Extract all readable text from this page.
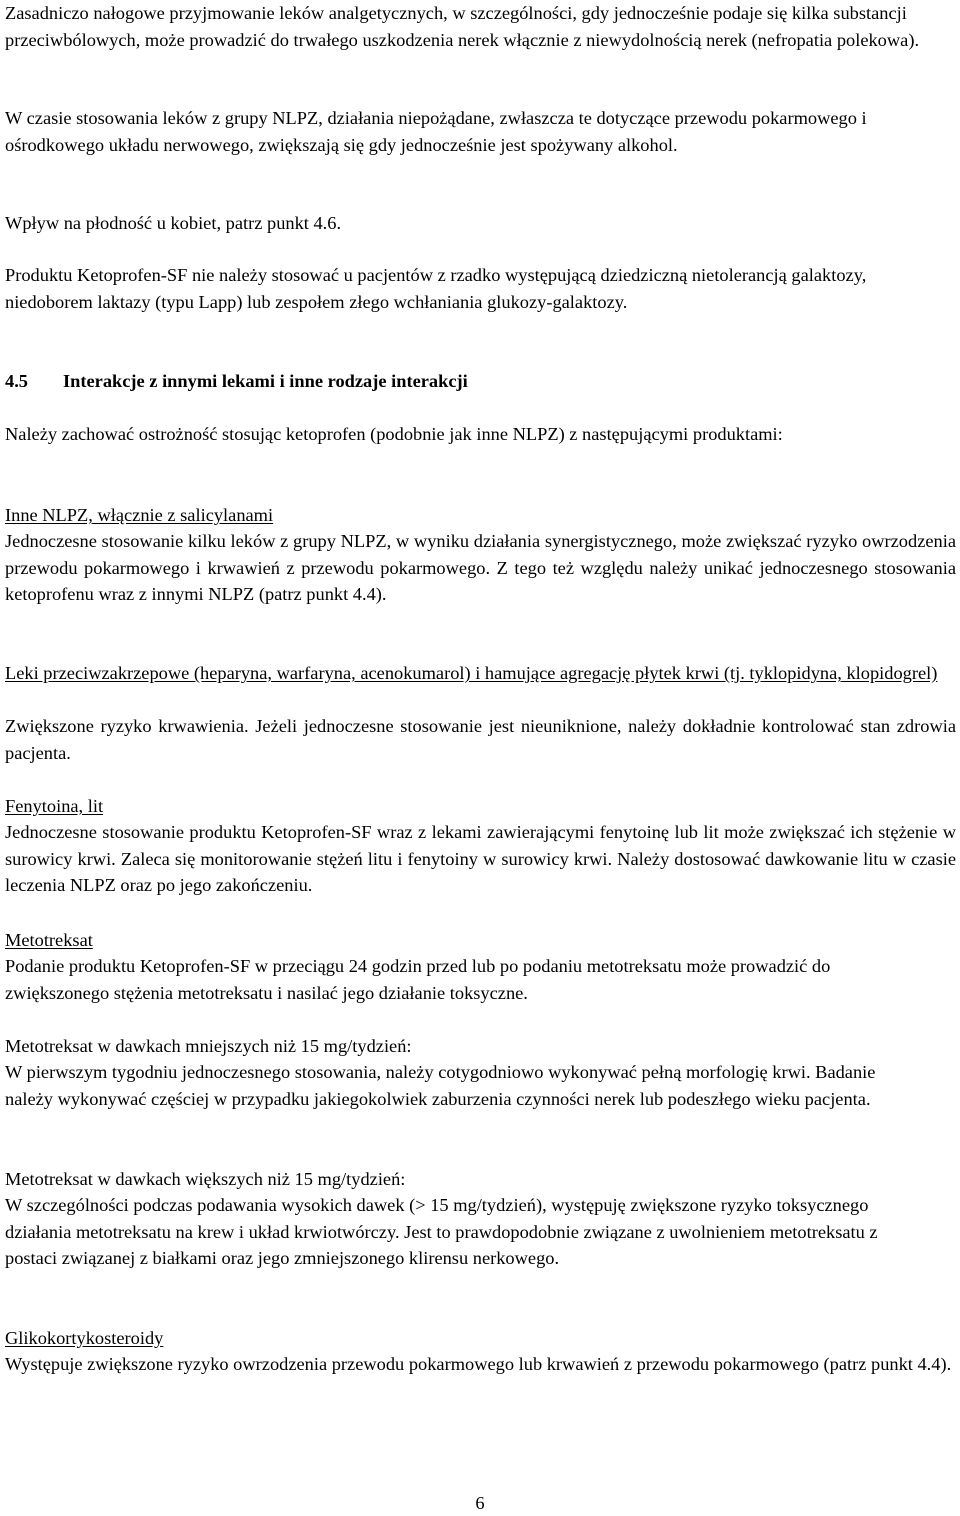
Zasadniczo nałogowe przyjmowanie leków analgetycznych, w szczególności, gdy jednocześnie podaje się kilka substancji przeciwbólowych, może prowadzić do trwałego uszkodzenia nerek włącznie z niewydolnością nerek (nefropatia polekowa).

W czasie stosowania leków z grupy NLPZ, działania niepożądane, zwłaszcza te dotyczące przewodu pokarmowego i ośrodkowego układu nerwowego, zwiększają się gdy jednocześnie jest spożywany alkohol.

Wpływ na płodność u kobiet, patrz punkt 4.6.

Produktu Ketoprofen-SF nie należy stosować u pacjentów z rzadko występującą dziedziczną nietolerancją galaktozy, niedoborem laktazy (typu Lapp) lub zespołem złego wchłaniania glukozy-galaktozy.

4.5	Interakcje z innymi lekami i inne rodzaje interakcji

Należy zachować ostrożność stosując ketoprofen (podobnie jak inne NLPZ) z następującymi produktami:

Inne NLPZ, włącznie z salicylanami

Jednoczesne stosowanie kilku leków z grupy NLPZ, w wyniku działania synergistycznego, może zwiększać ryzyko owrzodzenia przewodu pokarmowego i krwawień z przewodu pokarmowego. Z tego też względu należy unikać jednoczesnego stosowania ketoprofenu wraz z innymi NLPZ (patrz punkt 4.4).

Leki przeciwzakrzepowe (heparyna, warfaryna, acenokumarol) i hamujące agregację płytek krwi (tj. tyklopidyna, klopidogrel)

Zwiększone ryzyko krwawienia. Jeżeli jednoczesne stosowanie jest nieuniknione, należy dokładnie kontrolować stan zdrowia pacjenta.

Fenytoina, lit

Jednoczesne stosowanie produktu Ketoprofen-SF wraz z lekami zawierającymi fenytoinę lub lit może zwiększać ich stężenie w surowicy krwi. Zaleca się monitorowanie stężeń litu i fenytoiny w surowicy krwi. Należy dostosować dawkowanie litu w czasie leczenia NLPZ oraz po jego zakończeniu.

Metotreksat

Podanie produktu Ketoprofen-SF w przeciągu 24 godzin przed lub po podaniu metotreksatu może prowadzić do zwiększonego stężenia metotreksatu i nasilać jego działanie toksyczne.

Metotreksat w dawkach mniejszych niż 15 mg/tydzień:

W pierwszym tygodniu jednoczesnego stosowania, należy cotygodniowo wykonywać pełną morfologię krwi. Badanie należy wykonywać częściej w przypadku jakiegokolwiek zaburzenia czynności nerek lub podeszłego wieku pacjenta.

Metotreksat w dawkach większych niż 15 mg/tydzień:

W szczególności podczas podawania wysokich dawek (> 15 mg/tydzień), występuję zwiększone ryzyko toksycznego działania metotreksatu na krew i układ krwiotwórczy. Jest to prawdopodobnie związane z uwolnieniem metotreksatu z postaci związanej z białkami oraz jego zmniejszonego klirensu nerkowego.

Glikokortykosteroidy

Występuje zwiększone ryzyko owrzodzenia przewodu pokarmowego lub krwawień z przewodu pokarmowego (patrz punkt 4.4).

6
